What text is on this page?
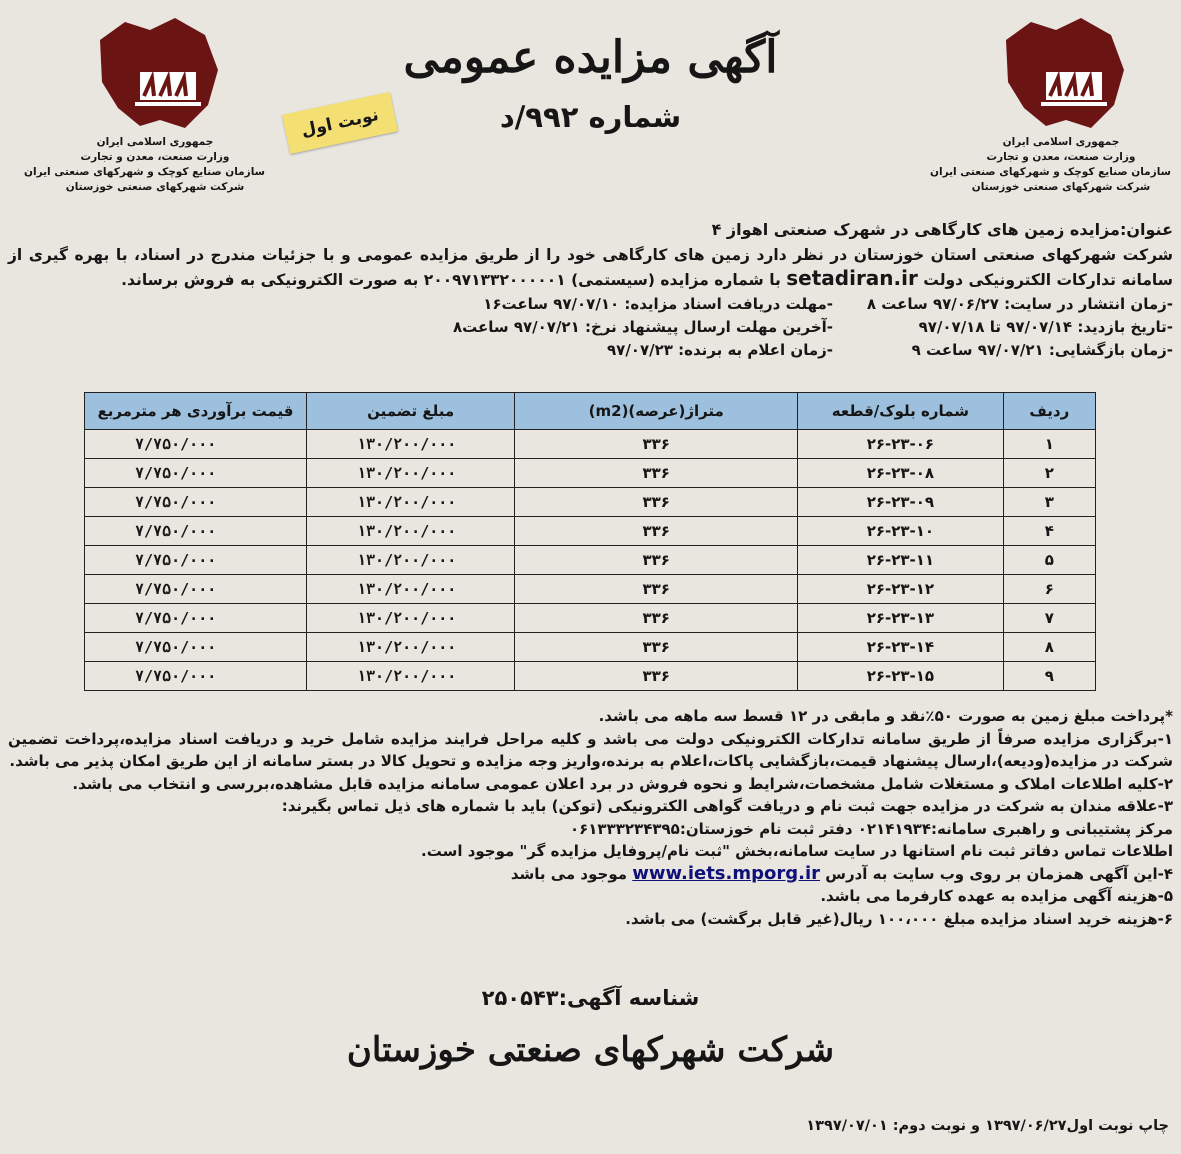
جمهوری اسلامی ایران
وزارت صنعت، معدن و تجارت
سازمان صنایع کوچک و شهرکهای صنعتی ایران
شرکت شهرکهای صنعتی خوزستان
جمهوری اسلامی ایران
وزارت صنعت، معدن و تجارت
سازمان صنایع کوچک و شهرکهای صنعتی ایران
شرکت شهرکهای صنعتی خوزستان
آگهی مزایده عمومی
شماره ۹۹۲/د
نوبت اول
عنوان:مزایده زمین های کارگاهی در شهرک صنعتی اهواز ۴
شرکت شهرکهای صنعتی استان خوزستان در نظر دارد زمین های کارگاهی خود را از طریق مزایده عمومی و با جزئیات مندرج در اسناد، با بهره گیری از سامانه تدارکات الکترونیکی دولت setadiran.ir با شماره مزایده (سیستمی) ۲۰۰۹۷۱۳۳۲۰۰۰۰۰۱ به صورت الکترونیکی به فروش برساند.
-زمان انتشار در سایت: ۹۷/۰۶/۲۷ ساعت ۸
-مهلت دریافت اسناد مزایده: ۹۷/۰۷/۱۰ ساعت۱۶
-تاریخ بازدید: ۹۷/۰۷/۱۴ تا ۹۷/۰۷/۱۸
-آخرین مهلت ارسال پیشنهاد نرخ: ۹۷/۰۷/۲۱ ساعت۸
-زمان بازگشایی: ۹۷/۰۷/۲۱ ساعت ۹
-زمان اعلام به برنده: ۹۷/۰۷/۲۳
ردیف	شماره بلوک/قطعه	متراژ(عرصه)(m2)	مبلغ تضمین	قیمت برآوردی هر مترمربع
۱	۲۶-۲۳-۰۶	۳۳۶	۱۳۰/۲۰۰/۰۰۰	۷/۷۵۰/۰۰۰
۲	۲۶-۲۳-۰۸	۳۳۶	۱۳۰/۲۰۰/۰۰۰	۷/۷۵۰/۰۰۰
۳	۲۶-۲۳-۰۹	۳۳۶	۱۳۰/۲۰۰/۰۰۰	۷/۷۵۰/۰۰۰
۴	۲۶-۲۳-۱۰	۳۳۶	۱۳۰/۲۰۰/۰۰۰	۷/۷۵۰/۰۰۰
۵	۲۶-۲۳-۱۱	۳۳۶	۱۳۰/۲۰۰/۰۰۰	۷/۷۵۰/۰۰۰
۶	۲۶-۲۳-۱۲	۳۳۶	۱۳۰/۲۰۰/۰۰۰	۷/۷۵۰/۰۰۰
۷	۲۶-۲۳-۱۳	۳۳۶	۱۳۰/۲۰۰/۰۰۰	۷/۷۵۰/۰۰۰
۸	۲۶-۲۳-۱۴	۳۳۶	۱۳۰/۲۰۰/۰۰۰	۷/۷۵۰/۰۰۰
۹	۲۶-۲۳-۱۵	۳۳۶	۱۳۰/۲۰۰/۰۰۰	۷/۷۵۰/۰۰۰

*پرداخت مبلغ زمین به صورت ۵۰٪نقد و مابقی در ۱۲ قسط سه ماهه می باشد.

۱-برگزاری مزایده صرفاً از طریق سامانه تدارکات الکترونیکی دولت می باشد و کلیه مراحل فرایند مزایده شامل خرید و دریافت اسناد مزایده،پرداخت تضمین شرکت در مزایده(ودیعه)،ارسال پیشنهاد قیمت،بازگشایی پاکات،اعلام به برنده،واریز وجه مزایده و تحویل کالا در بستر سامانه از این طریق امکان پذیر می باشد.

۲-کلیه اطلاعات املاک و مستغلات شامل مشخصات،شرایط و نحوه فروش در برد اعلان عمومی سامانه مزایده قابل مشاهده،بررسی و انتخاب می باشد.

۳-علاقه مندان به شرکت در مزایده جهت ثبت نام و دریافت گواهی الکترونیکی (توکن) باید با شماره های ذیل تماس بگیرند:

مرکز پشتیبانی و راهبری سامانه:۰۲۱۴۱۹۳۴ دفتر ثبت نام خوزستان:۰۶۱۳۳۳۲۳۴۳۹۵

اطلاعات تماس دفاتر ثبت نام استانها در سایت سامانه،بخش "ثبت نام/پروفایل مزایده گر" موجود است.

۴-این آگهی همزمان بر روی وب سایت به آدرس www.iets.mporg.ir موجود می باشد

۵-هزینه آگهی مزایده به عهده کارفرما می باشد.

۶-هزینه خرید اسناد مزایده مبلغ ۱۰۰،۰۰۰ ریال(غیر قابل برگشت) می باشد.

شناسه آگهی:۲۵۰۵۴۳
شرکت شهرکهای صنعتی خوزستان
چاپ نوبت اول۱۳۹۷/۰۶/۲۷ و نوبت دوم: ۱۳۹۷/۰۷/۰۱
